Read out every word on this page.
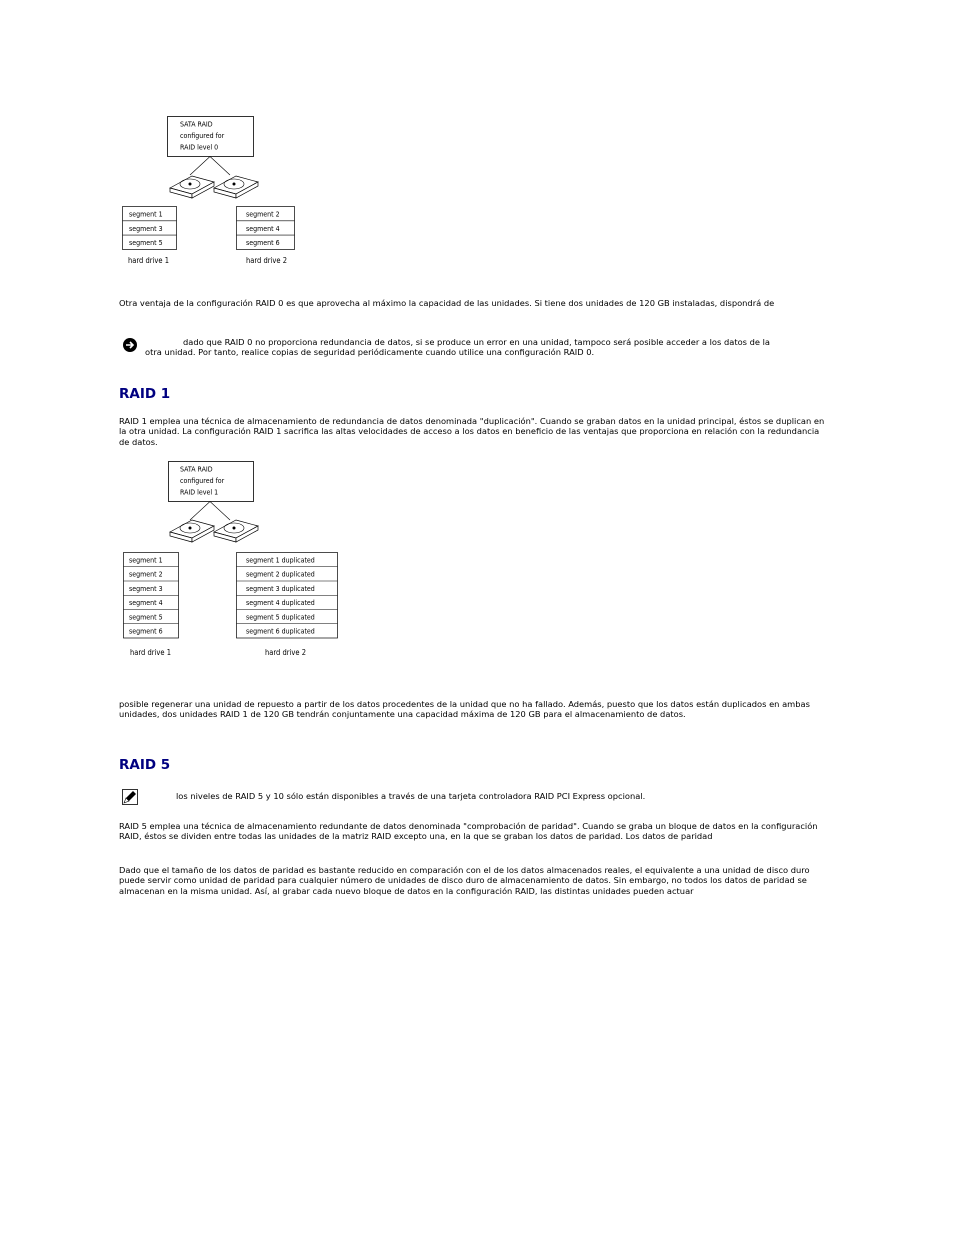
SATA RAID
configured for
RAID level 0
segment 1
segment 3
segment 5
segment 2
segment 4
segment 6
hard drive 1	hard drive 2

Otra ventaja de la configuración RAID 0 es que aprovecha al máximo la capacidad de las unidades. Si tiene dos unidades de 120 GB instaladas, dispondrá de

dado que RAID 0 no proporciona redundancia de datos, si se produce un error en una unidad, tampoco será posible acceder a los datos de la

otra unidad. Por tanto, realice copias de seguridad periódicamente cuando utilice una configuración RAID 0.

RAID 1

RAID 1 emplea una técnica de almacenamiento de redundancia de datos denominada "duplicación". Cuando se graban datos en la unidad principal, éstos se duplican en la otra unidad. La configuración RAID 1 sacrifica las altas velocidades de acceso a los datos en beneficio de las ventajas que proporciona en relación con la redundancia de datos.

SATA RAID
configured for
RAID level 1
segment 1
segment 2
segment 3
segment 4
segment 5
segment 6
segment 1 duplicated
segment 2 duplicated
segment 3 duplicated
segment 4 duplicated
segment 5 duplicated
segment 6 duplicated
hard drive 1	hard drive 2

posible regenerar una unidad de repuesto a partir de los datos procedentes de la unidad que no ha fallado. Además, puesto que los datos están duplicados en ambas unidades, dos unidades RAID 1 de 120 GB tendrán conjuntamente una capacidad máxima de 120 GB para el almacenamiento de datos.

RAID 5

los niveles de RAID 5 y 10 sólo están disponibles a través de una tarjeta controladora RAID PCI Express opcional.

RAID 5 emplea una técnica de almacenamiento redundante de datos denominada "comprobación de paridad". Cuando se graba un bloque de datos en la configuración RAID, éstos se dividen entre todas las unidades de la matriz RAID excepto una, en la que se graban los datos de paridad. Los datos de paridad

Dado que el tamaño de los datos de paridad es bastante reducido en comparación con el de los datos almacenados reales, el equivalente a una unidad de disco duro puede servir como unidad de paridad para cualquier número de unidades de disco duro de almacenamiento de datos. Sin embargo, no todos los datos de paridad se almacenan en la misma unidad. Así, al grabar cada nuevo bloque de datos en la configuración RAID, las distintas unidades pueden actuar
